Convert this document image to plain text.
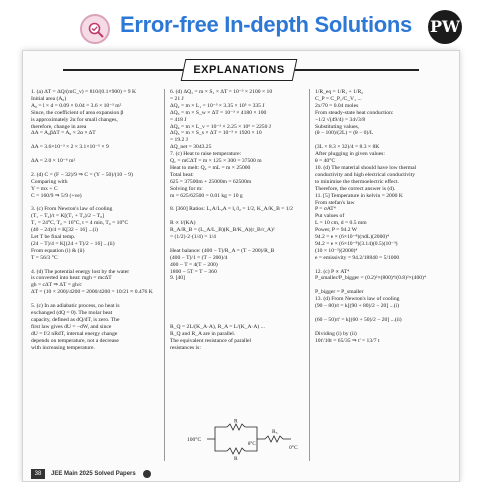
Error-free In-depth Solutions PW
EXPLANATIONS
1. (a) ΔT = ΔQ/(mC_v) = 810/(0.1×900) = 9 K
Initial area (A₀)
A₀ = l × d = 0.09 × 0.04 = 3.6 × 10⁻³ m²
Since, the coefficient of area expansion β
is approximately 2α for small changes,
therefore, change in area
ΔA = A₀βΔT = A₀ × 2α × ΔT

ΔA = 3.6×10⁻³ × 2 × 3.1×10⁻⁵ × 9

ΔA = 2.0 × 10⁻⁶ m²

2. (d) C = (F − 32)/9 ⇒ C = (Y − 50)/(10 − 9)
Comparing with
Y = mx + C
C = 160/9 ⇒ 5/9 (+ve)

3. (c) From Newton's law of cooling
(T₁ − T₂)/t = K[(T₁ + T₂)/2 − T₀]
T₁ = 24°C, T₂ = 16°C, t = 4 min, T₀ = 10°C
(40 − 24)/4 = K[32 − 16] ...(i)
Let T be final temp.
(24 − T)/4 = K[(24 + T)/2 − 16] ...(ii)
From equation (i) & (ii)
T = 56/3 °C

4. (d) The potential energy lost by the water
is converted into heat: mgh = mcΔT
gh = cΔT ⇒ ΔT = gh/c
ΔT = (10 × 200)/4200 = 2000/4200 = 10/21 ≈ 0.476 K

5. (c) In an adiabatic process, no heat is
exchanged (dQ = 0). The molar heat
capacity, defined as dQ/dT, is zero. The
first law gives dU = −dW, and since
dU = f/2 nRdT, internal energy change
depends on temperature, not a decrease
with increasing temperature.
6. (d) ΔQ₁ = m × S₁ × ΔT = 10⁻³ × 2100 × 10
= 21 J
ΔQ₂ = m × L₁ = 10⁻³ × 3.35 × 10⁵ = 335 J
ΔQ₃ = m × S_w × ΔT = 10⁻³ × 4180 × 100
= 418 J
ΔQ₄ = m × L_v = 10⁻³ × 2.25 × 10⁶ = 2250 J
ΔQ₅ = m × S_s × ΔT = 10⁻³ × 1920 × 10
= 19.2 J
ΔQ_net = 3043.25
7. (c) Heat to raise temperature:
Q₁ = mCΔT = m × 125 × 300 = 37500 m
Heat to melt: Q₂ = mL = m × 25000
Total heat:
625 = 37500m + 25000m = 62500m
Solving for m:
m = 625/62500 = 0.01 kg = 10 g

8. [360] Ratios: L₁A/L₂A = l₁/l₂ = 1/2, K_A/K_B = 1/2

R ∝ l/(KA)
R_A/R_B = (L_A/L_B)(K_B/K_A)(r_B/r_A)²
= (1/2)·2·(1/4) = 1/4

Heat balance: (400 − T)/R_A = (T − 200)/R_B
(400 − T)/1 = (T − 200)/4
400 − T = 4(T − 200)
1800 − 5T = T − 360
9. [40]

R_Q = 2L/(K_A·A), R_A = L/(K_A·A) ...
R_Q and R_A are in parallel.
The equivalent resistance of parallel
resistances is:
1/R_eq = 1/R₁ + 1/R₂
C_P = C_P₁/C_V₁ ...
2x/70 = 0.04 moles
From steady-state heat conduction:
−1/2 √(49/4) = 34√3/8
Substituting values,
(θ − 100)/(2L) = (θ − 0)/L

(3L × 8.3 × 32)/4 = 8.3 × 8K
After plugging in given values:
θ = 40°C
10. (d) The material should have low thermal
conductivity and high electrical conductivity
to minimise the thermoelectric effect.
Therefore, the correct answer is (d).
11. [5] Temperature in kelvin = 2000 K
From stefan's law
P = σAT⁴
Put values of
L = 10 cm, d = 0.5 mm
Power, P = 94.2 W
94.2 = e × (6×10⁻⁸)(πdL)(2000)⁴
94.2 = e × (6×10⁻⁸)(3.14)(0.5)(10⁻³)
(10 × 10⁻²)(2000)⁴
e = emissivity = 94.2/18840 = 5/1000

12. (c) P ∝ AT⁴
P_smaller/P_bigger = (0.2)²×(800)⁴/(0.8)²×(400)⁴

P_bigger = P_smaller
13. (d) From Newton's law of cooling
(90 − 80)/t = k[(90 + 80)/2 − 20] ...(i)

(60 − 50)/t' = k[(60 + 50)/2 − 20] ...(ii)

Dividing (i) by (ii)
10t'/10t = 65/35 ⇒ t' = 13/7 t
100°C
R
R
θ°C
R₃
0°C
38	JEE Main 2025 Solved Papers
